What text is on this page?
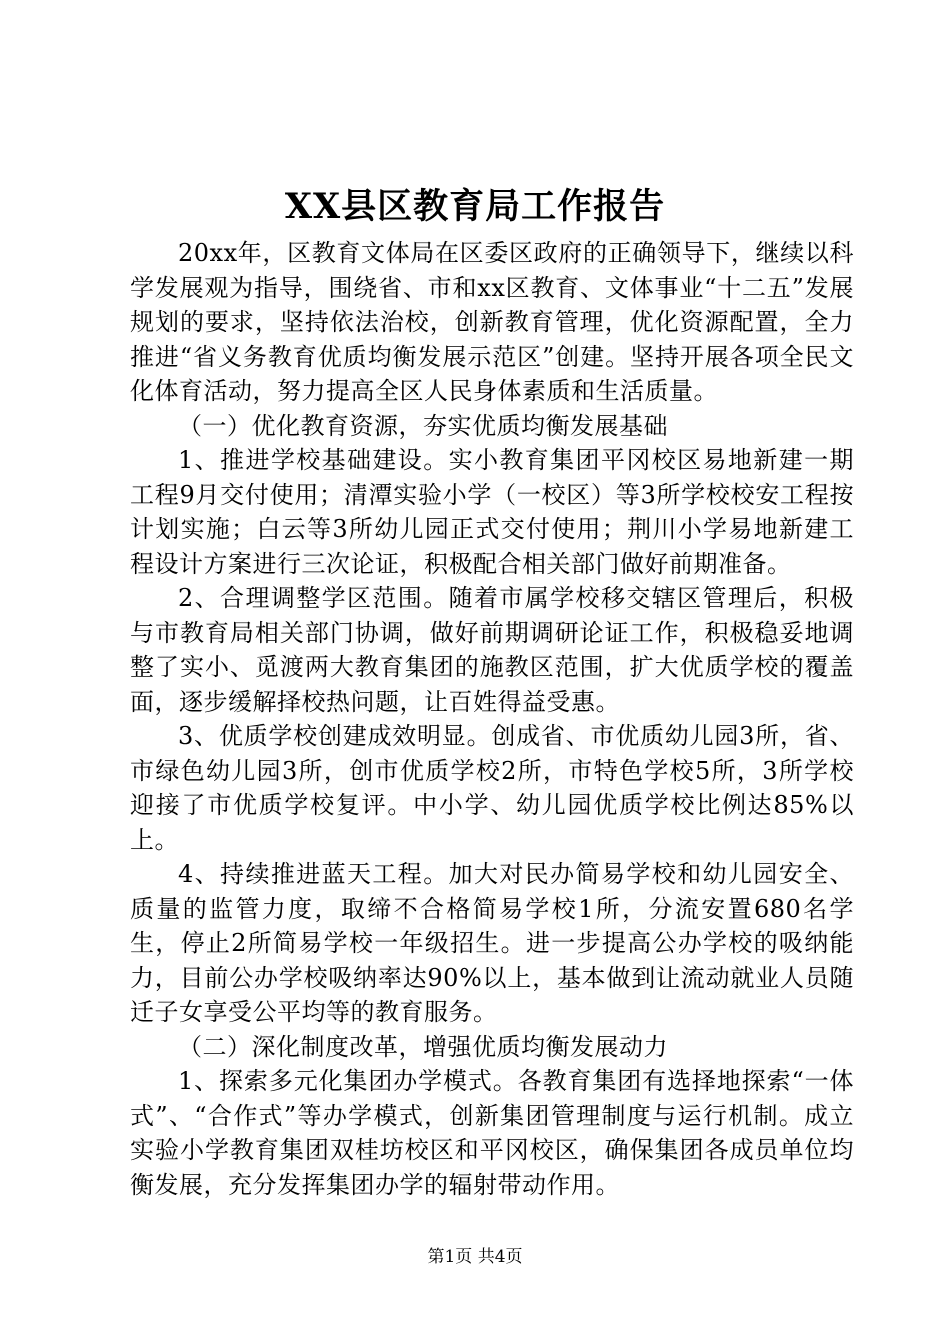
XX县区教育局工作报告

20xx年，区教育文体局在区委区政府的正确领导下，继续以科学发展观为指导，围绕省、市和xx区教育、文体事业“十二五”发展规划的要求，坚持依法治校，创新教育管理，优化资源配置，全力推进“省义务教育优质均衡发展示范区”创建。坚持开展各项全民文化体育活动，努力提高全区人民身体素质和生活质量。

（一）优化教育资源，夯实优质均衡发展基础

1、推进学校基础建设。实小教育集团平冈校区易地新建一期工程9月交付使用；清潭实验小学（一校区）等3所学校校安工程按计划实施；白云等3所幼儿园正式交付使用；荆川小学易地新建工程设计方案进行三次论证，积极配合相关部门做好前期准备。

2、合理调整学区范围。随着市属学校移交辖区管理后，积极与市教育局相关部门协调，做好前期调研论证工作，积极稳妥地调整了实小、觅渡两大教育集团的施教区范围，扩大优质学校的覆盖面，逐步缓解择校热问题，让百姓得益受惠。

3、优质学校创建成效明显。创成省、市优质幼儿园3所，省、市绿色幼儿园3所，创市优质学校2所，市特色学校5所，3所学校迎接了市优质学校复评。中小学、幼儿园优质学校比例达85%以上。

4、持续推进蓝天工程。加大对民办简易学校和幼儿园安全、质量的监管力度，取缔不合格简易学校1所，分流安置680名学生，停止2所简易学校一年级招生。进一步提高公办学校的吸纳能力，目前公办学校吸纳率达90%以上，基本做到让流动就业人员随迁子女享受公平均等的教育服务。

（二）深化制度改革，增强优质均衡发展动力

1、探索多元化集团办学模式。各教育集团有选择地探索“一体式”、“合作式”等办学模式，创新集团管理制度与运行机制。成立实验小学教育集团双桂坊校区和平冈校区，确保集团各成员单位均衡发展，充分发挥集团办学的辐射带动作用。

第1页 共4页
